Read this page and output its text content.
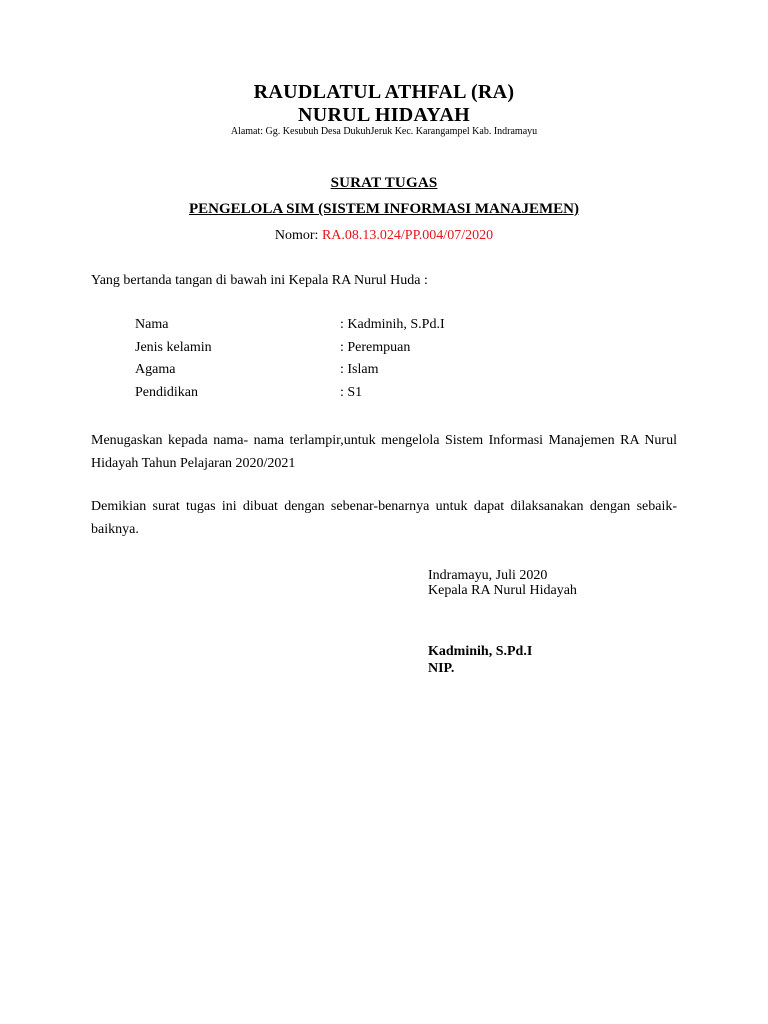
RAUDLATUL ATHFAL (RA)
NURUL HIDAYAH
Alamat: Gg. Kesubuh Desa DukuhJeruk Kec. Karangampel Kab. Indramayu
SURAT TUGAS
PENGELOLA SIM (SISTEM INFORMASI MANAJEMEN)
Nomor: RA.08.13.024/PP.004/07/2020
Yang bertanda tangan di bawah ini Kepala RA Nurul Huda :
Nama	: Kadminih, S.Pd.I
Jenis kelamin	: Perempuan
Agama	: Islam
Pendidikan	: S1
Menugaskan kepada nama- nama terlampir,untuk mengelola Sistem Informasi Manajemen RA Nurul Hidayah Tahun Pelajaran 2020/2021
Demikian surat tugas ini dibuat dengan sebenar-benarnya untuk dapat dilaksanakan dengan sebaik-baiknya.
Indramayu, Juli 2020
Kepala RA Nurul Hidayah
Kadminih, S.Pd.I
NIP.
